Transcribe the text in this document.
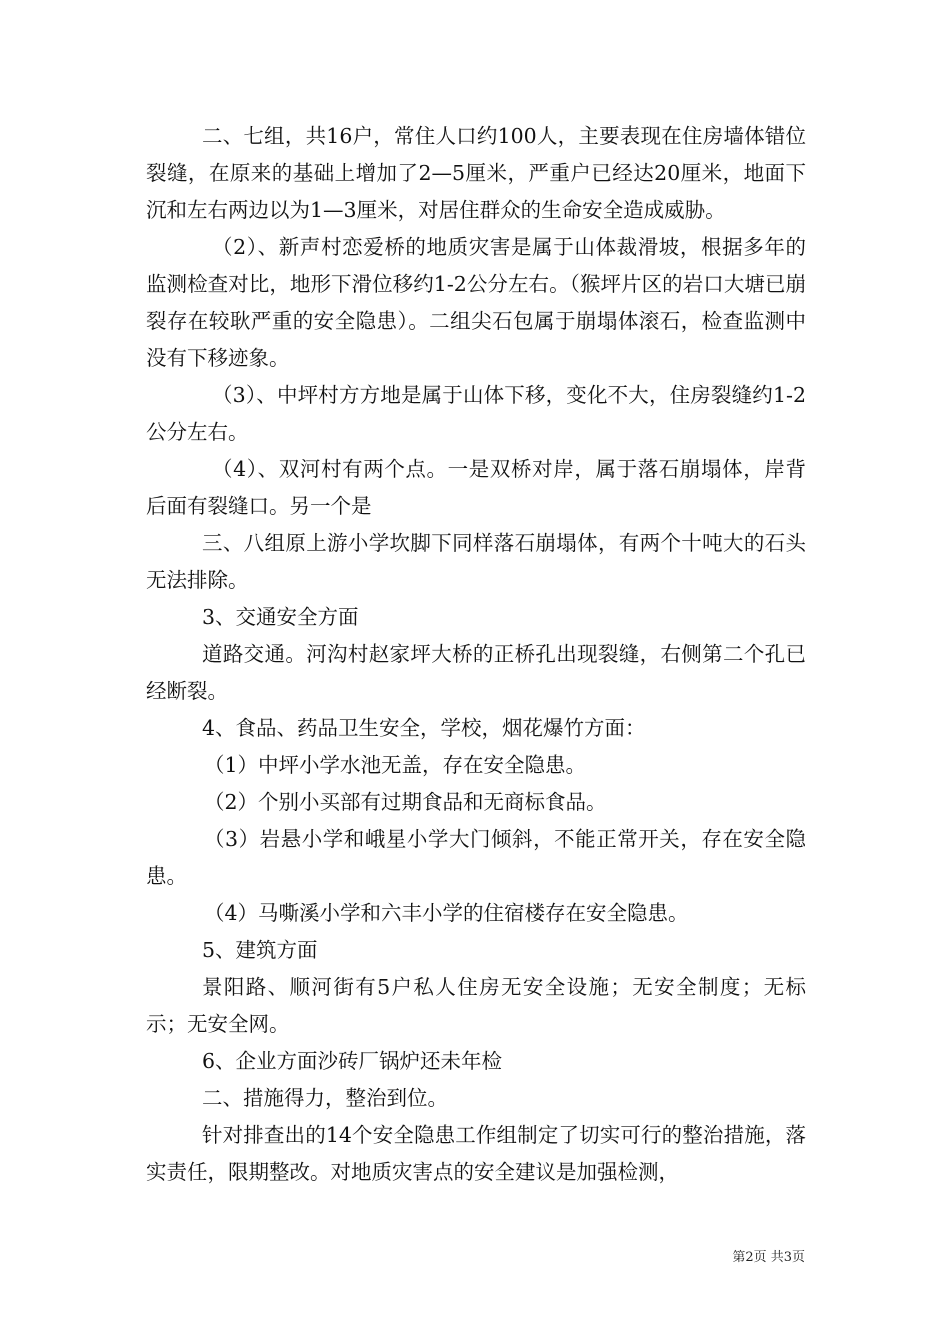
二、七组，共16户，常住人口约100人，主要表现在住房墙体错位裂缝，在原来的基础上增加了2—5厘米，严重户已经达20厘米，地面下沉和左右两边以为1—3厘米，对居住群众的生命安全造成威胁。

（2）、新声村恋爱桥的地质灾害是属于山体裁滑坡，根据多年的监测检查对比，地形下滑位移约1-2公分左右。（猴坪片区的岩口大塘已崩裂存在较耿严重的安全隐患）。二组尖石包属于崩塌体滚石，检查监测中没有下移迹象。

（3）、中坪村方方地是属于山体下移，变化不大，住房裂缝约1-2公分左右。

（4）、双河村有两个点。一是双桥对岸，属于落石崩塌体，岸背后面有裂缝口。另一个是

三、八组原上游小学坎脚下同样落石崩塌体，有两个十吨大的石头无法排除。

3、交通安全方面

道路交通。河沟村赵家坪大桥的正桥孔出现裂缝，右侧第二个孔已经断裂。

4、食品、药品卫生安全，学校，烟花爆竹方面：

（1）中坪小学水池无盖，存在安全隐患。

（2）个别小买部有过期食品和无商标食品。

（3）岩悬小学和峨星小学大门倾斜，不能正常开关，存在安全隐患。

（4）马嘶溪小学和六丰小学的住宿楼存在安全隐患。

5、建筑方面

景阳路、顺河街有5户私人住房无安全设施；无安全制度；无标示；无安全网。

6、企业方面沙砖厂锅炉还未年检

二、措施得力，整治到位。

针对排查出的14个安全隐患工作组制定了切实可行的整治措施，落实责任，限期整改。对地质灾害点的安全建议是加强检测，

第2页 共3页
